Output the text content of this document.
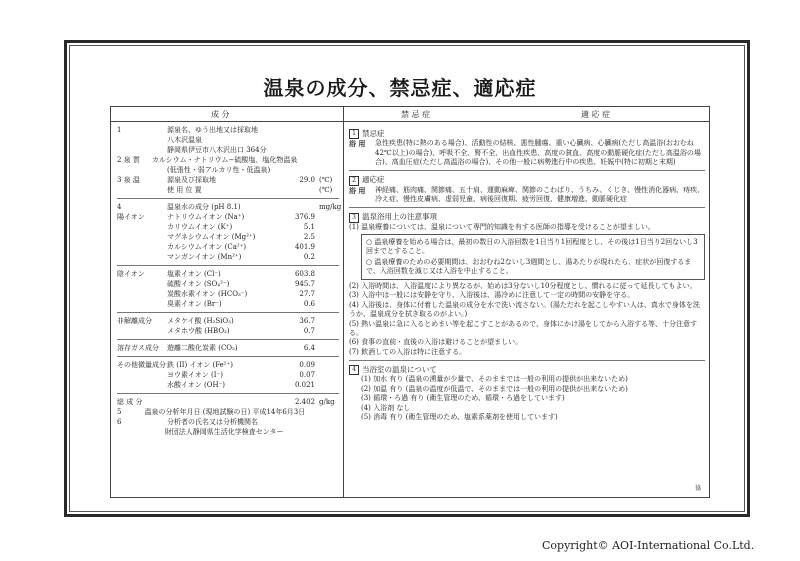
温泉の成分、禁忌症、適応症
成 分	禁 忌 症	適 応 症
1	源泉名、ゆう出地又は採取地
八木沢温泉
静岡県伊豆市八木沢出口 364分
2 泉 質	カルシウム・ナトリウム−硫酸塩、塩化物温泉
(低張性・弱アルカリ性・低温泉)
3 泉 温	源泉及び採取地	29.0 (℃)
使 用 位 置	(℃)
4	温泉水の成分 (pH 8.1)	mg/kg
陽イオン	ナトリウムイオン (Na⁺)	376.9
カリウムイオン (K⁺)	5.1
マグネシウムイオン (Mg²⁺)	2.5
カルシウムイオン (Ca²⁺)	401.9
マンガンイオン (Mn²⁺)	0.2
陰イオン	塩素イオン (Cl⁻)	603.8
硫酸イオン (SO₄²⁻)	945.7
炭酸水素イオン (HCO₃⁻)	27.7
臭素イオン (Br⁻)	0.6
非解離成分	メタケイ酸 (H₂SiO₃)	36.7
メタホウ酸 (HBO₂)	0.7
溶存ガス成分	遊離二酸化炭素 (CO₂)	6.4
その他微量成分 鉄 (II) イオン (Fe²⁺)	0.09
ヨウ素イオン (I⁻)	0.07
水酸イオン (OH⁻)	0.021
総 成 分	2.402 g/kg
5	温泉の分析年月日 (現地試験の日) 平成14年6月3日
6	分析者の氏名又は分析機関名
財団法人静岡県生活化学検査センター
1 禁忌症
浴 用	急性疾患(特に熱のある場合)、活動性の結核、悪性腫瘍、重い心臓病、心臓病(ただし高温浴(おおむね42℃以上)の場合)、呼吸不全、腎不全、出血性疾患、高度の貧血、高度の動脈硬化症(ただし高温浴の場合)、高血圧症(ただし高温浴の場合)、その他一般に病勢進行中の疾患、妊娠中(特に初期と末期)
2 適応症
浴 用	神経痛、筋肉痛、関節痛、五十肩、運動麻痺、関節のこわばり、うちみ、くじき、慢性消化器病、痔疾、冷え症、慢性皮膚病、虚弱児童、病後回復期、疲労回復、健康増進、動脈硬化症
3 温泉浴用上の注意事項
(1) 温泉療養については、温泉について専門的知識を有する医師の指導を受けることが望ましい。
○ 温泉療養を始める場合は、最初の数日の入浴回数を1日当り1回程度とし、その後は1日当り2回ないし3回までとすること。
○ 温泉療養のための必要期間は、おおむね2ないし3週間とし、湯あたりが現れたら、症状が回復するまで、入浴回数を減じ又は入浴を中止すること。
(2) 入浴時間は、入浴温度により異なるが、始めは3分ないし10分程度とし、慣れるに従って延長してもよい。
(3) 入浴中は一般には安静を守り、入浴後は、湯冷めに注意して一定の時間の安静を守る。
(4) 入浴後は、身体に付着した温泉の成分を水で洗い流さない。(湯ただれを起こしやすい人は、真水で身体を洗うか、温泉成分を拭き取るのがよい。)
(5) 熱い温泉に急に入るとめまい等を起こすことがあるので、身体にかけ湯をしてから入浴する等、十分注意する。
(6) 食事の直前・直後の入浴は避けることが望ましい。
(7) 飲酒しての入浴は特に注意する。
4 当浴室の温泉について
(1) 加水 有り (温泉の湧量が少量で、そのままでは一般の利用の提供が出来ないため)
(2) 加温 有り (温泉の温度が低温で、そのままでは一般の利用の提供が出来ないため)
(3) 循環・ろ過 有り (衛生管理のため、循環・ろ過をしています)
(4) 入浴剤 なし
(5) 消毒 有り (衛生管理のため、塩素系薬剤を使用しています)
協
Copyright© AOI-International Co.Ltd.
